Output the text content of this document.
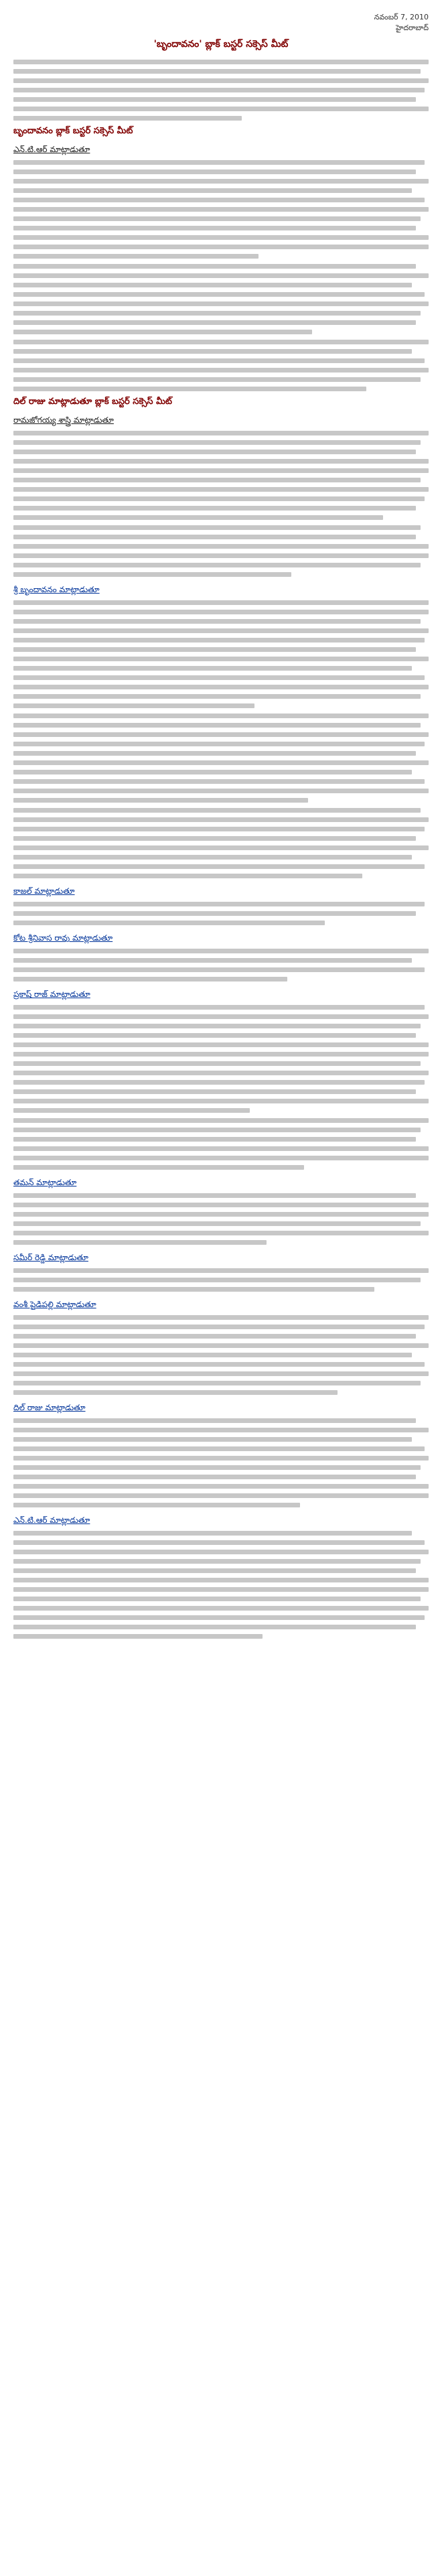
నవంబర్ 7, 2010
హైదరాబాద్
'బృందావనం' బ్లాక్ బస్టర్ సక్సెస్ మీట్
బృందావనం బ్లాక్ బస్టర్ సక్సెస్ మీట్
ఎన్.టి.ఆర్ మాట్లాడుతూ
దిల్ రాజు మాట్లాడుతూ బ్లాక్ బస్టర్ సక్సెస్ మీట్
రామజోగయ్య శాస్త్రి మాట్లాడుతూ
శ్రీ బృందావనం మాట్లాడుతూ
కాజల్ మాట్లాడుతూ
కోట శ్రీనివాస రావు మాట్లాడుతూ
ప్రకాష్ రాజ్ మాట్లాడుతూ
తమన్ మాట్లాడుతూ
సమీర్ రెడ్డి మాట్లాడుతూ
వంశీ పైడిపల్లి మాట్లాడుతూ
దిల్ రాజు మాట్లాడుతూ
ఎన్.టి.ఆర్ మాట్లాడుతూ
